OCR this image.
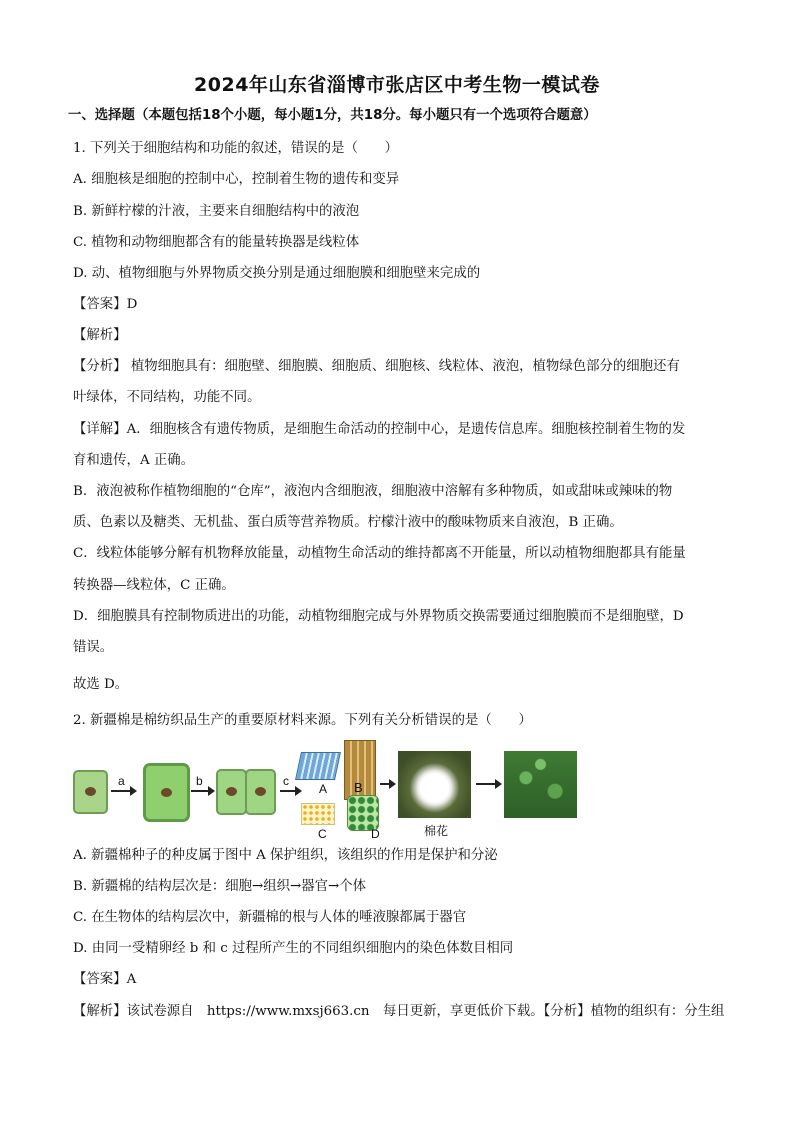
2024年山东省淄博市张店区中考生物一模试卷
一、选择题（本题包括18个小题，每小题1分，共18分。每小题只有一个选项符合题意）
1. 下列关于细胞结构和功能的叙述，错误的是（　　）
A. 细胞核是细胞的控制中心，控制着生物的遗传和变异
B. 新鲜柠檬的汁液，主要来自细胞结构中的液泡
C. 植物和动物细胞都含有的能量转换器是线粒体
D. 动、植物细胞与外界物质交换分别是通过细胞膜和细胞壁来完成的
【答案】D
【解析】
【分析】 植物细胞具有：细胞壁、细胞膜、细胞质、细胞核、线粒体、液泡，植物绿色部分的细胞还有
叶绿体，不同结构，功能不同。
【详解】A．细胞核含有遗传物质，是细胞生命活动的控制中心，是遗传信息库。细胞核控制着生物的发
育和遗传，A 正确。
B．液泡被称作植物细胞的“仓库”，液泡内含细胞液，细胞液中溶解有多种物质，如或甜味或辣味的物
质、色素以及糖类、无机盐、蛋白质等营养物质。柠檬汁液中的酸味物质来自液泡，B 正确。
C．线粒体能够分解有机物释放能量，动植物生命活动的维持都离不开能量，所以动植物细胞都具有能量
转换器—线粒体，C 正确。
D．细胞膜具有控制物质进出的功能，动植物细胞完成与外界物质交换需要通过细胞膜而不是细胞壁，D
错误。
故选 D。
2. 新疆棉是棉纺织品生产的重要原材料来源。下列有关分析错误的是（　　）
a	b	c
A B
C	D	棉花
A. 新疆棉种子的种皮属于图中 A 保护组织，该组织的作用是保护和分泌
B. 新疆棉的结构层次是：细胞→组织→器官→个体
C. 在生物体的结构层次中，新疆棉的根与人体的唾液腺都属于器官
D. 由同一受精卵经 b 和 c 过程所产生的不同组织细胞内的染色体数目相同
【答案】A
【解析】该试卷源自　https://www.mxsj663.cn　每日更新，享更低价下载。【分析】植物的组织有：分生组
